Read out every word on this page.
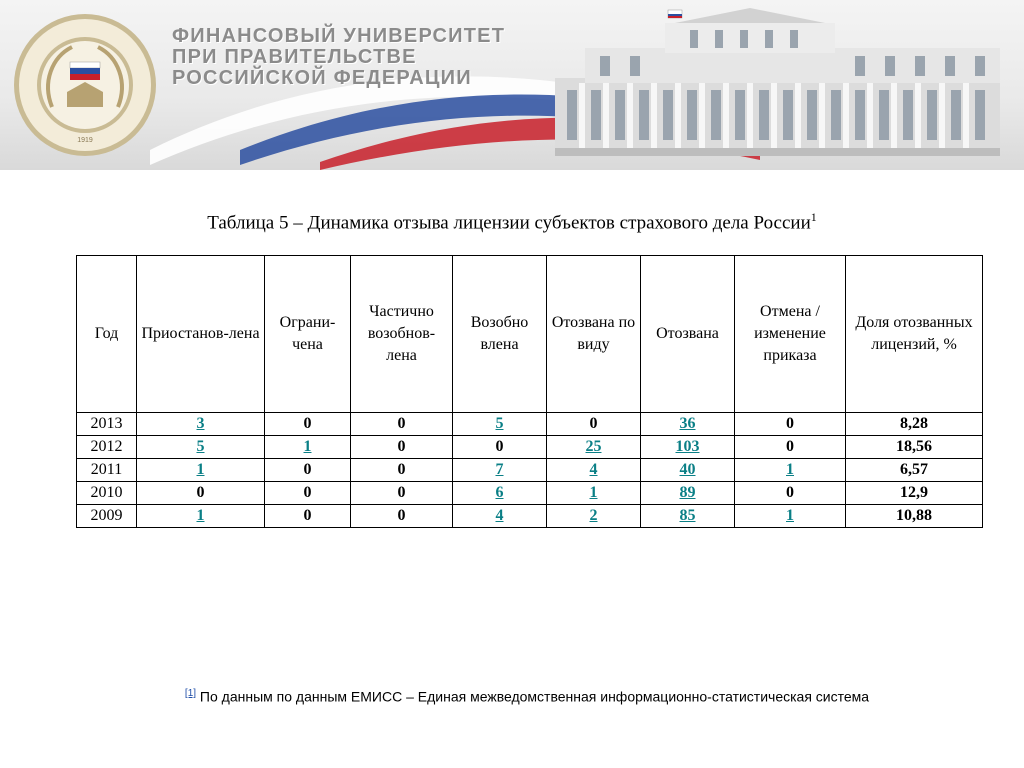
1919
ФИНАНСОВЫЙ УНИВЕРСИТЕТ
ПРИ ПРАВИТЕЛЬСТВЕ
РОССИЙСКОЙ ФЕДЕРАЦИИ
Таблица 5 – Динамика отзыва лицензии субъектов страхового дела России$^1$
Год	Приостанов-лена	Ограни-чена	Частично возобнов-лена	Возобно влена	Отозвана по виду	Отозвана	Отмена / изменение приказа	Доля отозванных лицензий, %
2013	3	0	0	5	0	36	0	8,28
2012	5	1	0	0	25	103	0	18,56
2011	1	0	0	7	4	40	1	6,57
2010	0	0	0	6	1	89	0	12,9
2009	1	0	0	4	2	85	1	10,88
[1] По данным по данным ЕМИСС – Единая межведомственная информационно-статистическая система
